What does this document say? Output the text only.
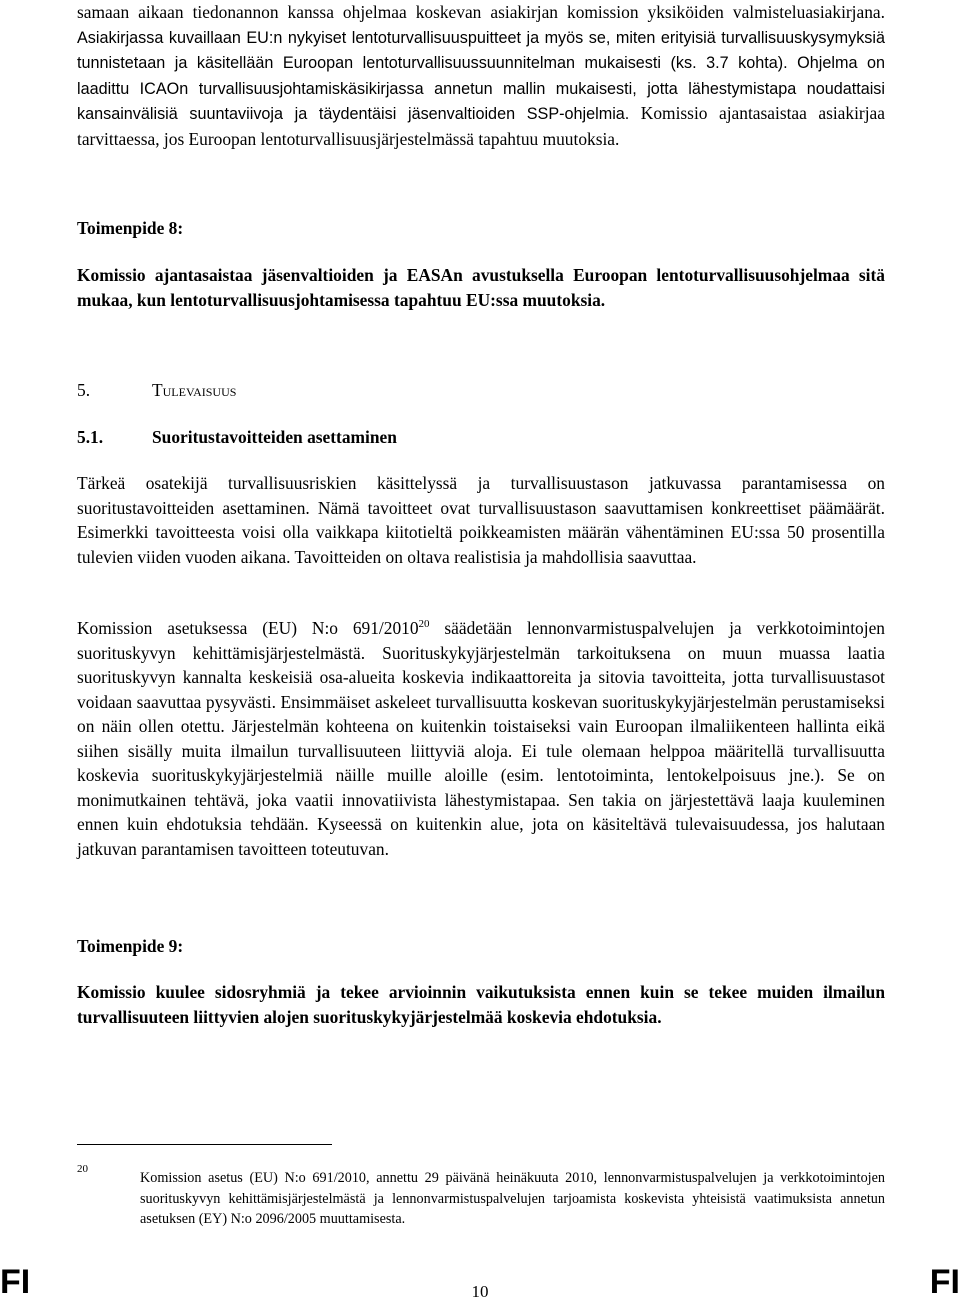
samaan aikaan tiedonannon kanssa ohjelmaa koskevan asiakirjan komission yksiköiden valmisteluasiakirjana. Asiakirjassa kuvaillaan EU:n nykyiset lentoturvallisuuspuitteet ja myös se, miten erityisiä turvallisuuskysymyksiä tunnistetaan ja käsitellään Euroopan lentoturvallisuussuunnitelman mukaisesti (ks. 3.7 kohta). Ohjelma on laadittu ICAOn turvallisuusjohtamiskäsikirjassa annetun mallin mukaisesti, jotta lähestymistapa noudattaisi kansainvälisiä suuntaviivoja ja täydentäisi jäsenvaltioiden SSP-ohjelmia. Komissio ajantasaistaa asiakirjaa tarvittaessa, jos Euroopan lentoturvallisuusjärjestelmässä tapahtuu muutoksia.

Toimenpide 8:

Komissio ajantasaistaa jäsenvaltioiden ja EASAn avustuksella Euroopan lentoturvallisuusohjelmaa sitä mukaa, kun lentoturvallisuusjohtamisessa tapahtuu EU:ssa muutoksia.

5.	Tulevaisuus
5.1.	Suoritustavoitteiden asettaminen

Tärkeä osatekijä turvallisuusriskien käsittelyssä ja turvallisuustason jatkuvassa parantamisessa on suoritustavoitteiden asettaminen. Nämä tavoitteet ovat turvallisuustason saavuttamisen konkreettiset päämäärät. Esimerkki tavoitteesta voisi olla vaikkapa kiitotieltä poikkeamisten määrän vähentäminen EU:ssa 50 prosentilla tulevien viiden vuoden aikana. Tavoitteiden on oltava realistisia ja mahdollisia saavuttaa.

Komission asetuksessa (EU) N:o 691/2010$^{20}$ säädetään lennonvarmistuspalvelujen ja verkkotoimintojen suorituskyvyn kehittämisjärjestelmästä. Suorituskykyjärjestelmän tarkoituksena on muun muassa laatia suorituskyvyn kannalta keskeisiä osa-alueita koskevia indikaattoreita ja sitovia tavoitteita, jotta turvallisuustasot voidaan saavuttaa pysyvästi. Ensimmäiset askeleet turvallisuutta koskevan suorituskykyjärjestelmän perustamiseksi on näin ollen otettu. Järjestelmän kohteena on kuitenkin toistaiseksi vain Euroopan ilmaliikenteen hallinta eikä siihen sisälly muita ilmailun turvallisuuteen liittyviä aloja. Ei tule olemaan helppoa määritellä turvallisuutta koskevia suorituskykyjärjestelmiä näille muille aloille (esim. lentotoiminta, lentokelpoisuus jne.). Se on monimutkainen tehtävä, joka vaatii innovatiivista lähestymistapaa. Sen takia on järjestettävä laaja kuuleminen ennen kuin ehdotuksia tehdään. Kyseessä on kuitenkin alue, jota on käsiteltävä tulevaisuudessa, jos halutaan jatkuvan parantamisen tavoitteen toteutuvan.

Toimenpide 9:

Komissio kuulee sidosryhmiä ja tekee arvioinnin vaikutuksista ennen kuin se tekee muiden ilmailun turvallisuuteen liittyvien alojen suorituskykyjärjestelmää koskevia ehdotuksia.

20
Komission asetus (EU) N:o 691/2010, annettu 29 päivänä heinäkuuta 2010, lennonvarmistuspalvelujen ja verkkotoimintojen suorituskyvyn kehittämisjärjestelmästä ja lennonvarmistuspalvelujen tarjoamista koskevista yhteisistä vaatimuksista annetun asetuksen (EY) N:o 2096/2005 muuttamisesta.
FI	10	FI
